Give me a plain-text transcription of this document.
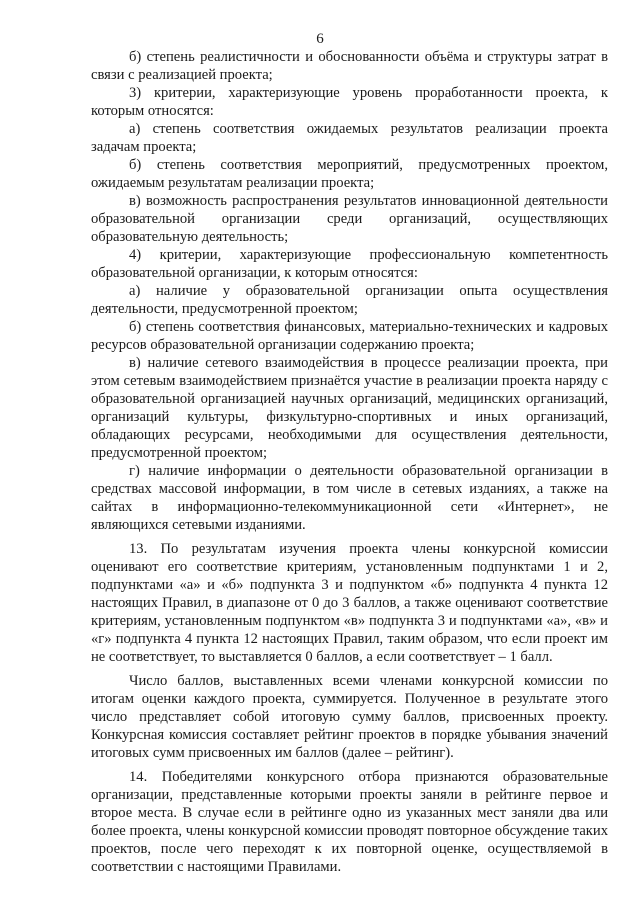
6

б) степень реалистичности и обоснованности объёма и структуры затрат в связи с реализацией проекта;

3) критерии, характеризующие уровень проработанности проекта, к которым относятся:

а) степень соответствия ожидаемых результатов реализации проекта задачам проекта;

б) степень соответствия мероприятий, предусмотренных проектом, ожидаемым результатам реализации проекта;

в) возможность распространения результатов инновационной деятельности образовательной организации среди организаций, осуществляющих образовательную деятельность;

4) критерии, характеризующие профессиональную компетентность образовательной организации, к которым относятся:

а) наличие у образовательной организации опыта осуществления деятельности, предусмотренной проектом;

б) степень соответствия финансовых, материально-технических и кадровых ресурсов образовательной организации содержанию проекта;

в) наличие сетевого взаимодействия в процессе реализации проекта, при этом сетевым взаимодействием признаётся участие в реализации проекта наряду с образовательной организацией научных организаций, медицинских организаций, организаций культуры, физкультурно-спортивных и иных организаций, обладающих ресурсами, необходимыми для осуществления деятельности, предусмотренной проектом;

г) наличие информации о деятельности образовательной организации в средствах массовой информации, в том числе в сетевых изданиях, а также на сайтах в информационно-телекоммуникационной сети «Интернет», не являющихся сетевыми изданиями.

13. По результатам изучения проекта члены конкурсной комиссии оценивают его соответствие критериям, установленным подпунктами 1 и 2, подпунктами «а» и «б» подпункта 3 и подпунктом «б» подпункта 4 пункта 12 настоящих Правил, в диапазоне от 0 до 3 баллов, а также оценивают соответствие критериям, установленным подпунктом «в» подпункта 3 и подпунктами «а», «в» и «г» подпункта 4 пункта 12 настоящих Правил, таким образом, что если проект им не соответствует, то выставляется 0 баллов, а если соответствует – 1 балл.

Число баллов, выставленных всеми членами конкурсной комиссии по итогам оценки каждого проекта, суммируется. Полученное в результате этого число представляет собой итоговую сумму баллов, присвоенных проекту. Конкурсная комиссия составляет рейтинг проектов в порядке убывания значений итоговых сумм присвоенных им баллов (далее – рейтинг).

14. Победителями конкурсного отбора признаются образовательные организации, представленные которыми проекты заняли в рейтинге первое и второе места. В случае если в рейтинге одно из указанных мест заняли два или более проекта, члены конкурсной комиссии проводят повторное обсуждение таких проектов, после чего переходят к их повторной оценке, осуществляемой в соответствии с настоящими Правилами.
